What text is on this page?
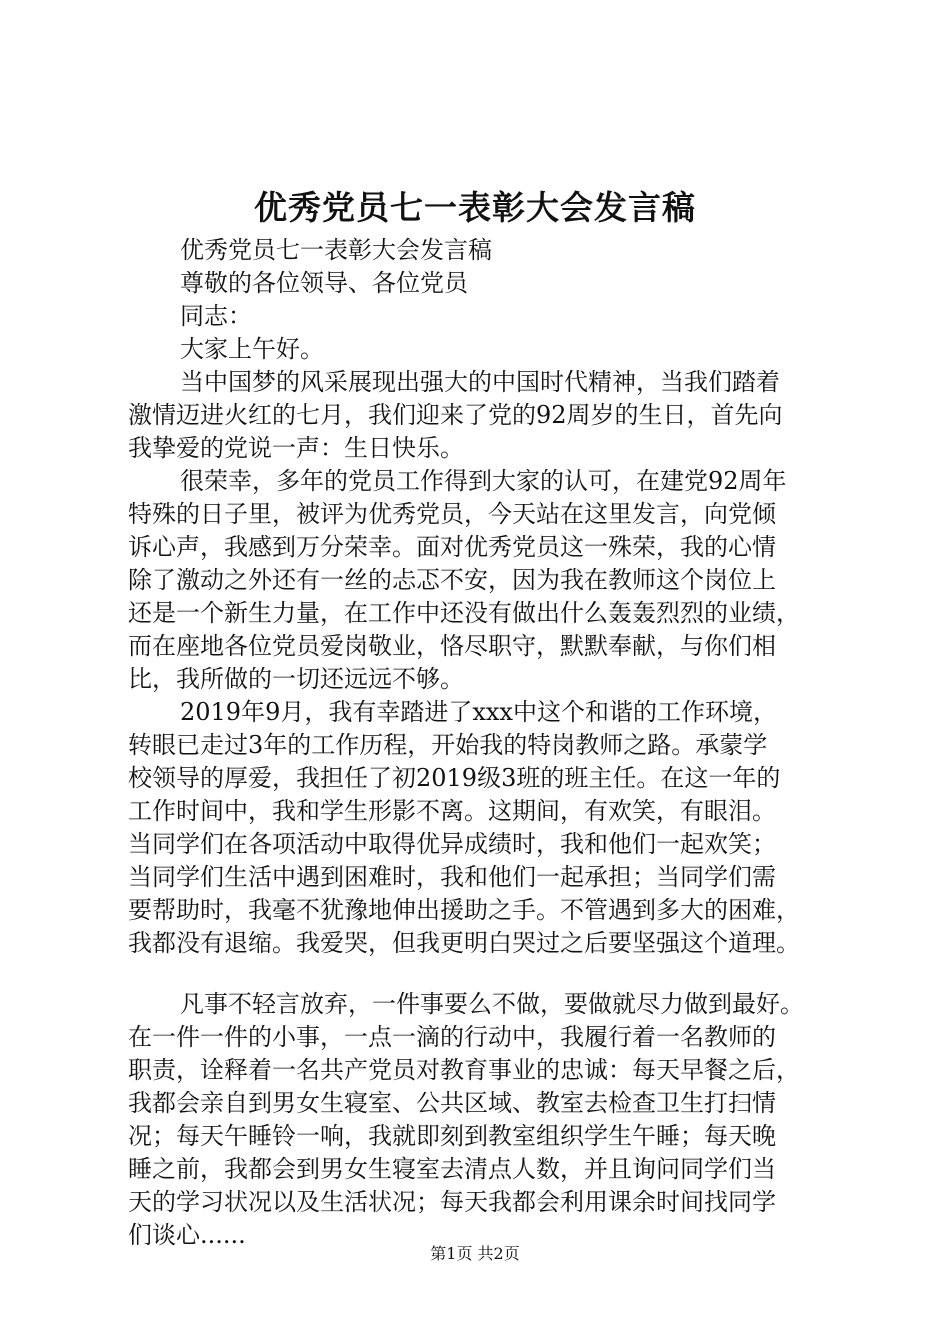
优秀党员七一表彰大会发言稿
优秀党员七一表彰大会发言稿
尊敬的各位领导、各位党员
同志：
大家上午好。
当中国梦的风采展现出强大的中国时代精神，当我们踏着
激情迈进火红的七月，我们迎来了党的92周岁的生日，首先向
我挚爱的党说一声：生日快乐。
很荣幸，多年的党员工作得到大家的认可，在建党92周年
特殊的日子里，被评为优秀党员，今天站在这里发言，向党倾
诉心声，我感到万分荣幸。面对优秀党员这一殊荣，我的心情
除了激动之外还有一丝的忐忑不安，因为我在教师这个岗位上
还是一个新生力量，在工作中还没有做出什么轰轰烈烈的业绩，
而在座地各位党员爱岗敬业，恪尽职守，默默奉献，与你们相
比，我所做的一切还远远不够。
2019年9月，我有幸踏进了xxx中这个和谐的工作环境，
转眼已走过3年的工作历程，开始我的特岗教师之路。承蒙学
校领导的厚爱，我担任了初2019级3班的班主任。在这一年的
工作时间中，我和学生形影不离。这期间，有欢笑，有眼泪。
当同学们在各项活动中取得优异成绩时，我和他们一起欢笑；
当同学们生活中遇到困难时，我和他们一起承担；当同学们需
要帮助时，我毫不犹豫地伸出援助之手。不管遇到多大的困难，
我都没有退缩。我爱哭，但我更明白哭过之后要坚强这个道理。
凡事不轻言放弃，一件事要么不做，要做就尽力做到最好。
在一件一件的小事，一点一滴的行动中，我履行着一名教师的
职责，诠释着一名共产党员对教育事业的忠诚：每天早餐之后，
我都会亲自到男女生寝室、公共区域、教室去检查卫生打扫情
况；每天午睡铃一响，我就即刻到教室组织学生午睡；每天晚
睡之前，我都会到男女生寝室去清点人数，并且询问同学们当
天的学习状况以及生活状况；每天我都会利用课余时间找同学
们谈心......
第1页 共2页
